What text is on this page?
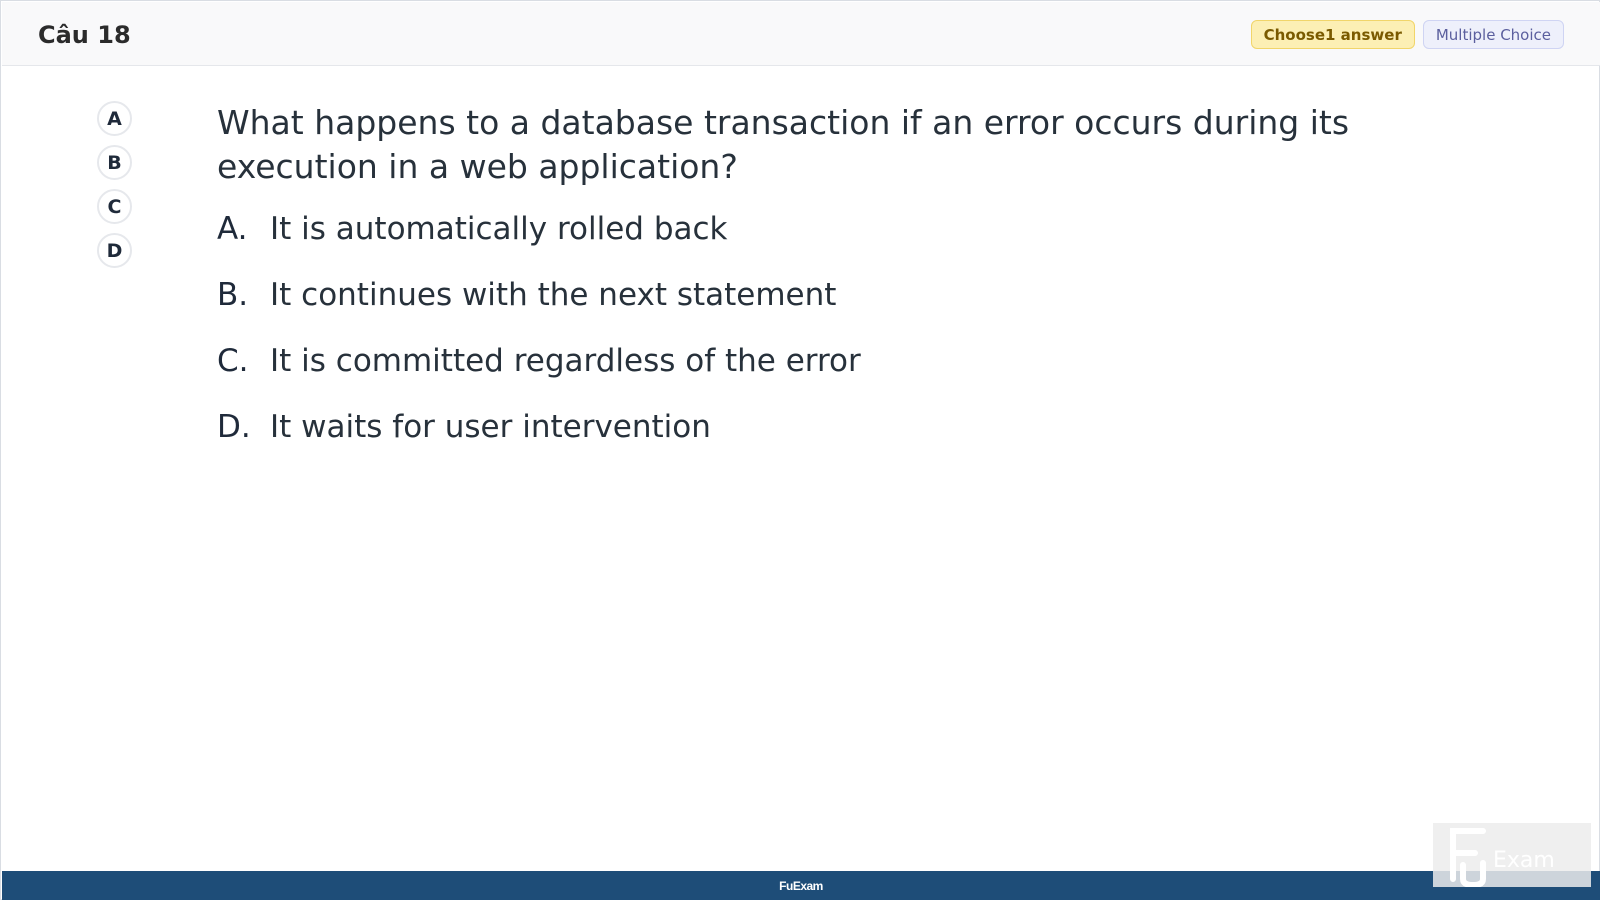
Câu 18	Choose1 answer	Multiple Choice
A
B
C
D
What happens to a database transaction if an error occurs during its execution in a web application?
A. It is automatically rolled back
B. It continues with the next statement
C. It is committed regardless of the error
D. It waits for user intervention
FuExam
Exam
